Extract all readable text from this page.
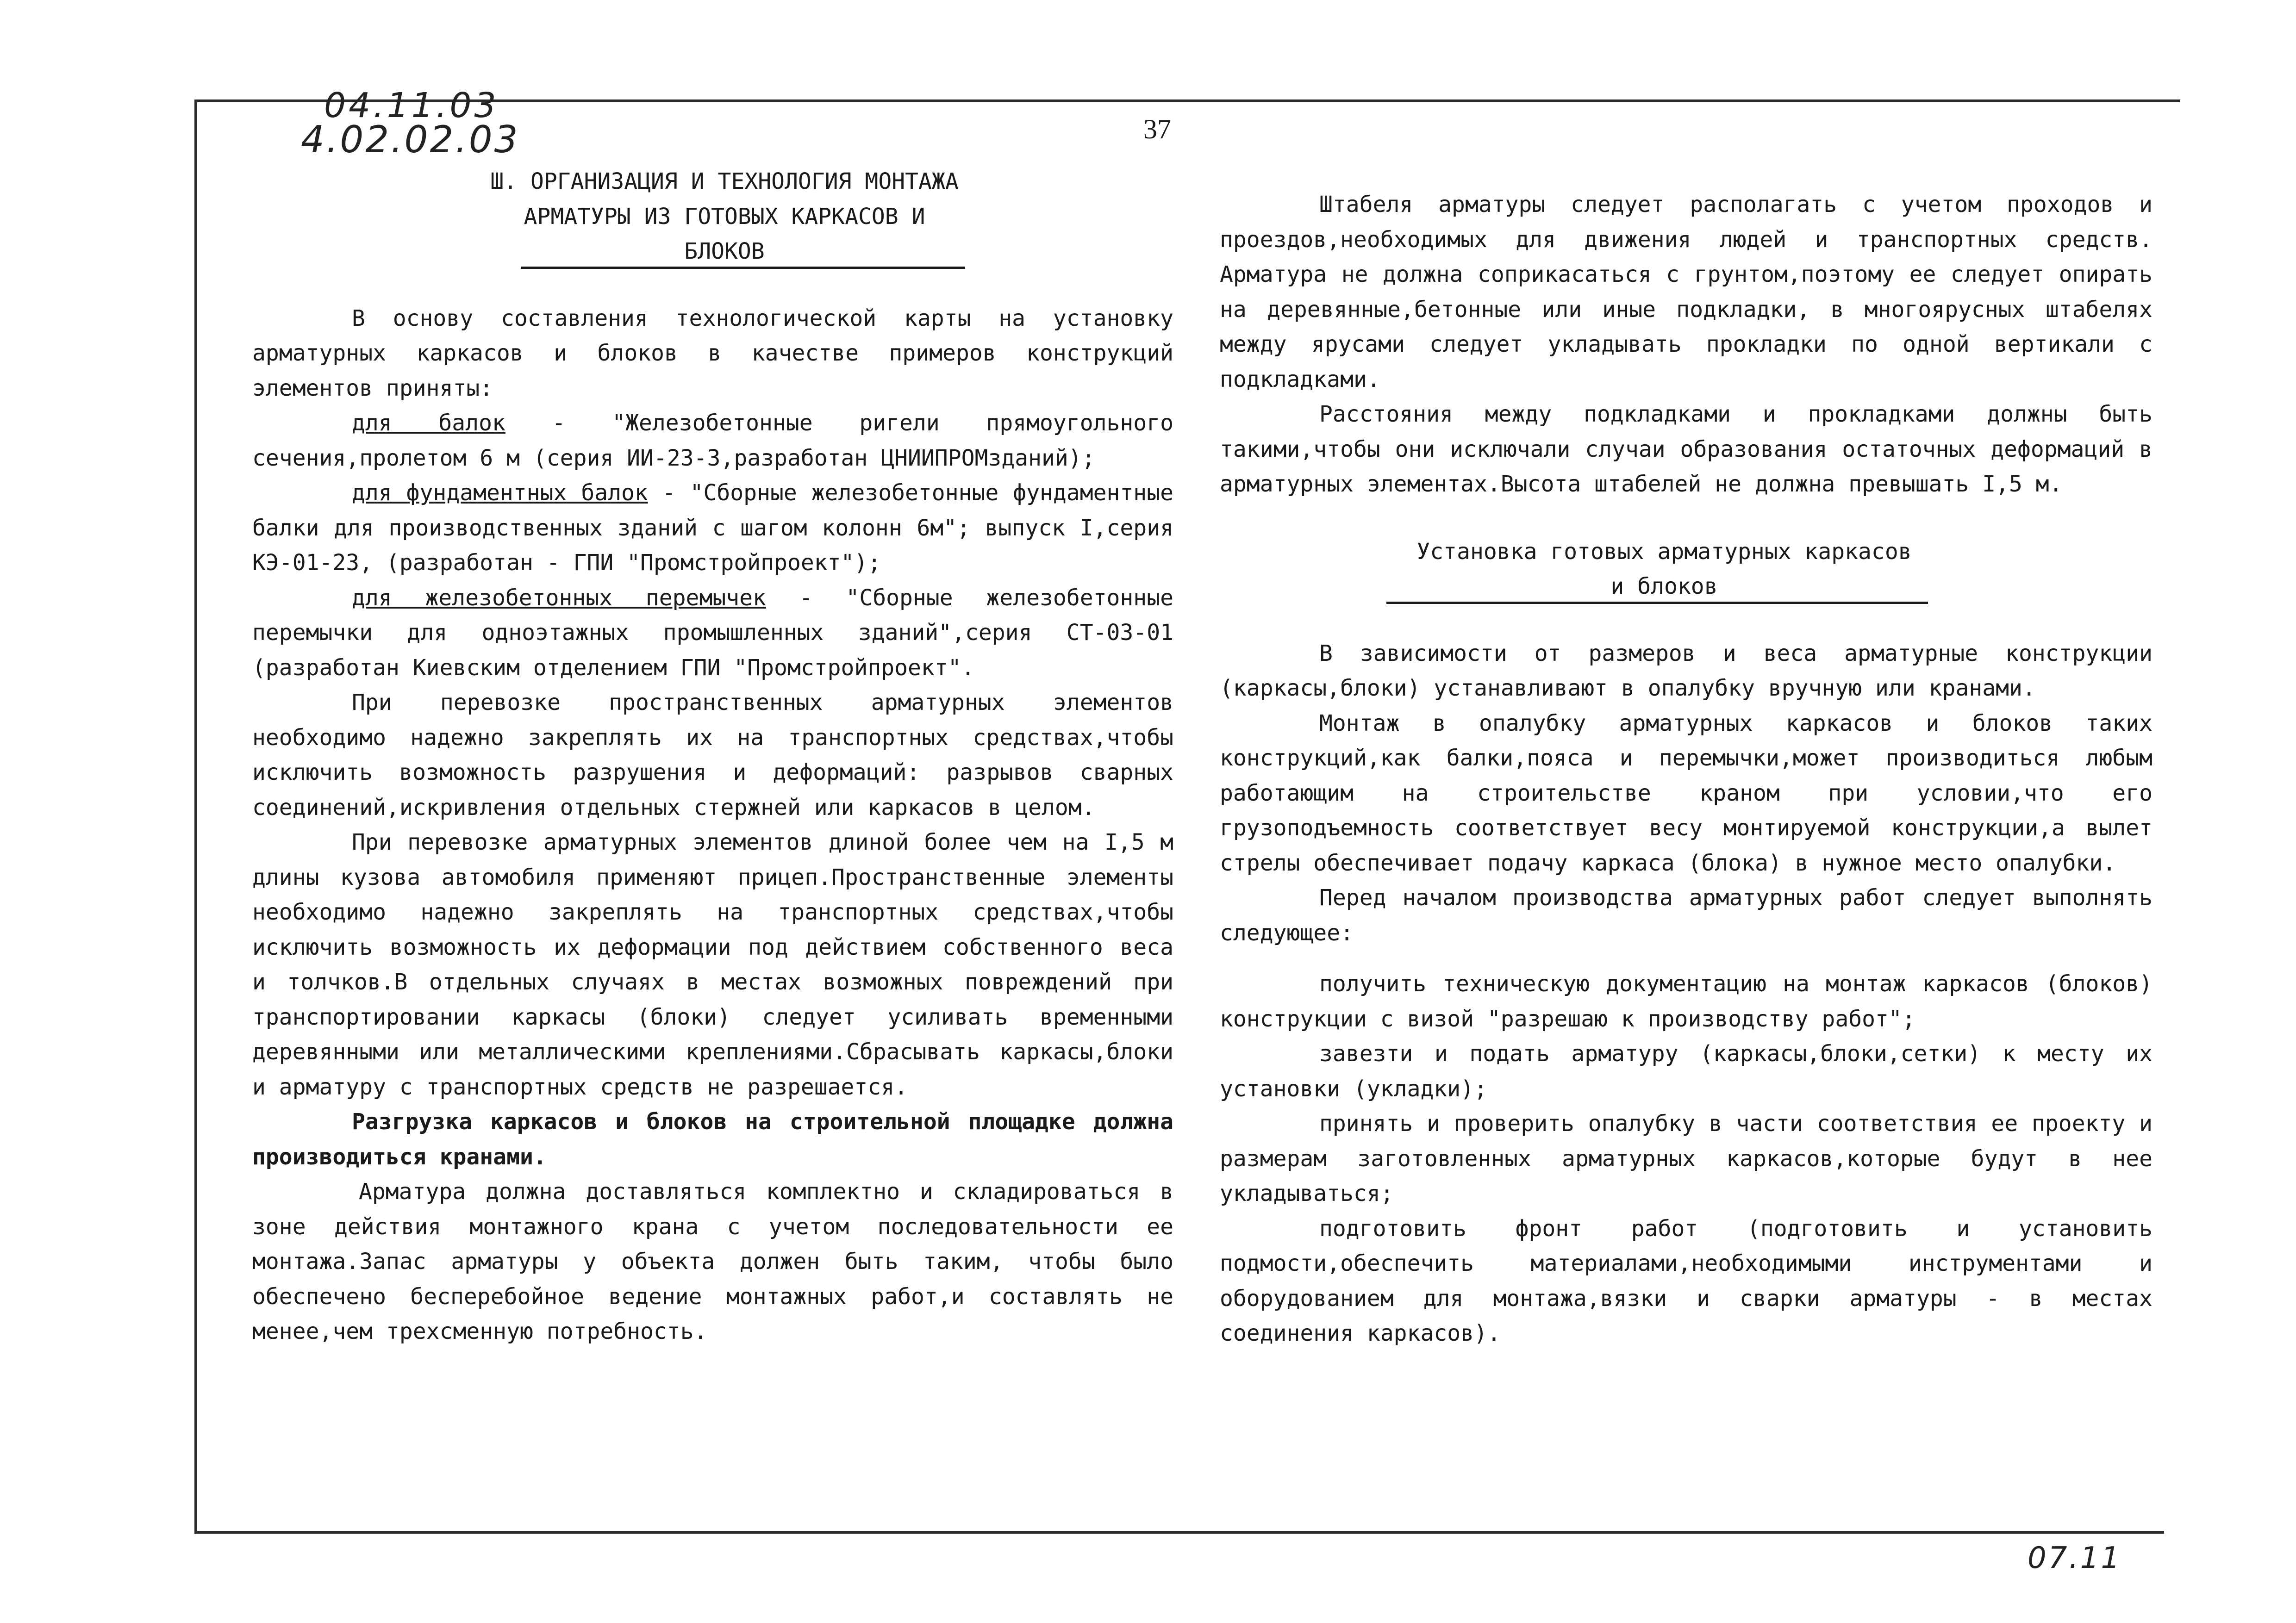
04.11.03
4.02.02.03	37

Ш. ОРГАНИЗАЦИЯ И ТЕХНОЛОГИЯ МОНТАЖА

АРМАТУРЫ ИЗ ГОТОВЫХ КАРКАСОВ И

БЛОКОВ

В основу составления технологической карты на установку арматурных каркасов и блоков в качестве примеров конструкций элементов приняты:

для балок - "Железобетонные ригели прямоугольного сечения,пролетом 6 м (серия ИИ-23-3,разработан ЦНИИПРОМзданий);

для фундаментных балок - "Сборные железобетонные фундаментные балки для производственных зданий с шагом колонн 6м"; выпуск I,серия КЭ-01-23, (разработан - ГПИ "Промстройпроект");

для железобетонных перемычек - "Сборные железобетонные перемычки для одноэтажных промышленных зданий",серия СТ-03-01 (разработан Киевским отделением ГПИ "Промстройпроект".

При перевозке пространственных арматурных элементов необходимо надежно закреплять их на транспортных средствах,чтобы исключить возможность разрушения и деформаций: разрывов сварных соединений,искривления отдельных стержней или каркасов в целом.

При перевозке арматурных элементов длиной более чем на I,5 м длины кузова автомобиля применяют прицеп.Пространственные элементы необходимо надежно закреплять на транспортных средствах,чтобы исключить возможность их деформации под действием собственного веса и толчков.В отдельных случаях в местах возможных повреждений при транспортировании каркасы (блоки) следует усиливать временными деревянными или металлическими креплениями.Сбрасывать каркасы,блоки и арматуру с транспортных средств не разрешается.

Разгрузка каркасов и блоков на строительной площадке должна производиться кранами.

Арматура должна доставляться комплектно и складироваться в зоне действия монтажного крана с учетом последовательности ее монтажа.Запас арматуры у объекта должен быть таким, чтобы было обеспечено бесперебойное ведение монтажных работ,и составлять не менее,чем трехсменную потребность.

Штабеля арматуры следует располагать с учетом проходов и проездов,необходимых для движения людей и транспортных средств. Арматура не должна соприкасаться с грунтом,поэтому ее следует опирать на деревянные,бетонные или иные подкладки, в многоярусных штабелях между ярусами следует укладывать прокладки по одной вертикали с подкладками.

Расстояния между подкладками и прокладками должны быть такими,чтобы они исключали случаи образования остаточных деформаций в арматурных элементах.Высота штабелей не должна превышать I,5 м.

Установка готовых арматурных каркасов

и блоков

В зависимости от размеров и веса арматурные конструкции (каркасы,блоки) устанавливают в опалубку вручную или кранами.

Монтаж в опалубку арматурных каркасов и блоков таких конструкций,как балки,пояса и перемычки,может производиться любым работающим на строительстве краном при условии,что его грузоподъемность соответствует весу монтируемой конструкции,а вылет стрелы обеспечивает подачу каркаса (блока) в нужное место опалубки.

Перед началом производства арматурных работ следует выполнять следующее:

получить техническую документацию на монтаж каркасов (блоков) конструкции с визой "разрешаю к производству работ";

завезти и подать арматуру (каркасы,блоки,сетки) к месту их установки (укладки);

принять и проверить опалубку в части соответствия ее проекту и размерам заготовленных арматурных каркасов,которые будут в нее укладываться;

подготовить фронт работ (подготовить и установить подмости,обеспечить материалами,необходимыми инструментами и оборудованием для монтажа,вязки и сварки арматуры - в местах соединения каркасов).

07.11
